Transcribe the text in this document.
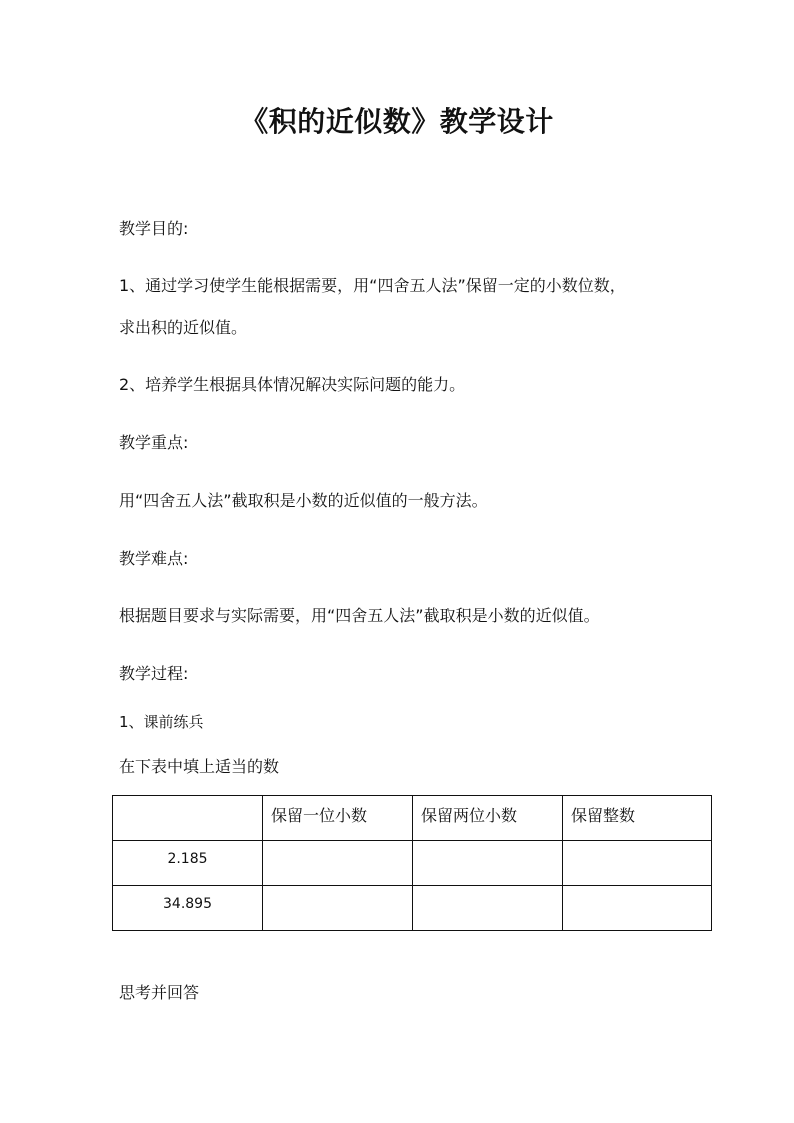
《积的近似数》教学设计
教学目的:
1、通过学习使学生能根据需要，用“四舍五人法”保留一定的小数位数，
求出积的近似值。
2、培养学生根据具体情况解决实际问题的能力。
教学重点:
用“四舍五人法”截取积是小数的近似值的一般方法。
教学难点:
根据题目要求与实际需要，用“四舍五人法”截取积是小数的近似值。
教学过程:
1、课前练兵
在下表中填上适当的数
	保留一位小数	保留两位小数	保留整数
2.185			
34.895			
思考并回答
